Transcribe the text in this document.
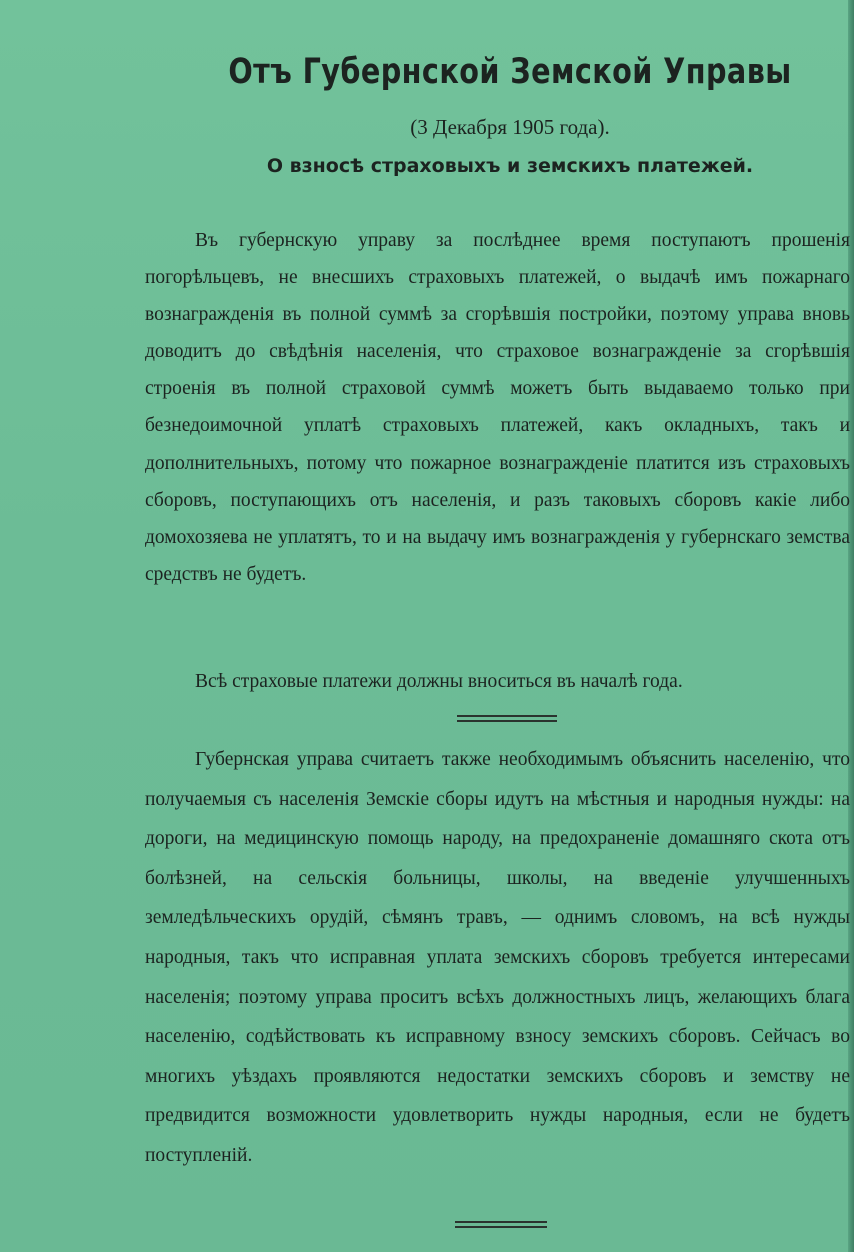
Отъ Губернской Земской Управы

(3 Декабря 1905 года).

О взносѣ страховыхъ и земскихъ платежей.

Въ губернскую управу за послѣднее время поступаютъ прошенія погорѣльцевъ, не внесшихъ страховыхъ платежей, о выдачѣ имъ пожарнаго вознагражденія въ полной суммѣ за сгорѣвшія постройки, поэтому управа вновь доводитъ до свѣдѣнія населенія, что страховое вознагражденіе за сгорѣвшія строенія въ полной страховой суммѣ можетъ быть выдаваемо только при безнедоимочной уплатѣ страховыхъ платежей, какъ окладныхъ, такъ и дополнительныхъ, потому что пожарное вознагражденіе платится изъ страховыхъ сборовъ, поступающихъ отъ населенія, и разъ таковыхъ сборовъ какіе либо домохозяева не уплатятъ, то и на выдачу имъ вознагражденія у губернскаго земства средствъ не будетъ.

Всѣ страховые платежи должны вноситься въ началѣ года.

Губернская управа считаетъ также необходимымъ объяснить населенію, что получаемыя съ населенія Земскіе сборы идутъ на мѣстныя и народныя нужды: на дороги, на медицинскую помощь народу, на предохраненіе домашняго скота отъ болѣзней, на сельскія больницы, школы, на введеніе улучшенныхъ земледѣльческихъ орудій, сѣмянъ травъ, — однимъ словомъ, на всѣ нужды народныя, такъ что исправная уплата земскихъ сборовъ требуется интересами населенія; поэтому управа проситъ всѣхъ должностныхъ лицъ, желающихъ блага населенію, содѣйствовать къ исправному взносу земскихъ сборовъ. Сейчасъ во многихъ уѣздахъ проявляются недостатки земскихъ сборовъ и земству не предвидится возможности удовлетворить нужды народныя, если не будетъ поступленій.
